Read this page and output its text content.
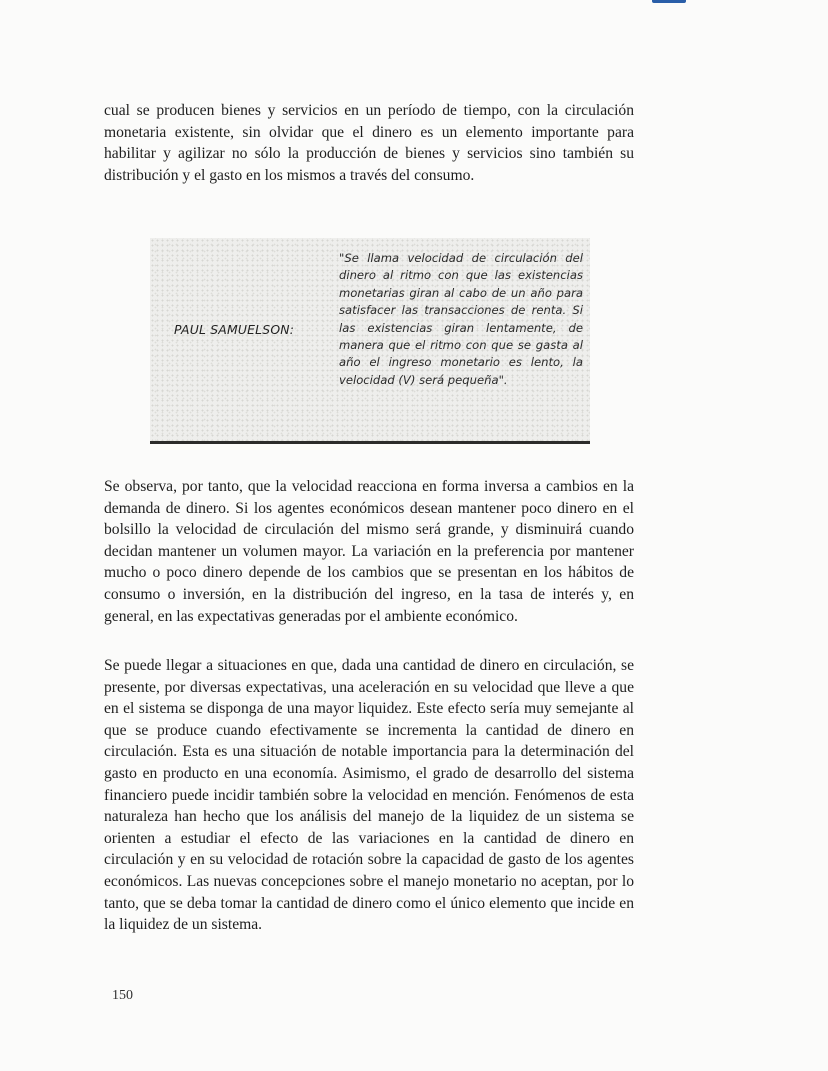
cual se producen bienes y servicios en un período de tiempo, con la circulación monetaria existente, sin olvidar que el dinero es un elemento importante para habilitar y agilizar no sólo la producción de bienes y servicios sino también su distribución y el gasto en los mismos a través del consumo.

PAUL SAMUELSON:

"Se llama velocidad de circulación del dinero al ritmo con que las existencias monetarias giran al cabo de un año para satisfacer las transacciones de renta. Si las existencias giran lentamente, de manera que el ritmo con que se gasta al año el ingreso monetario es lento, la velocidad (V) será pequeña".

Se observa, por tanto, que la velocidad reacciona en forma inversa a cambios en la demanda de dinero. Si los agentes económicos desean mantener poco dinero en el bolsillo la velocidad de circulación del mismo será grande, y disminuirá cuando decidan mantener un volumen mayor. La variación en la preferencia por mantener mucho o poco dinero depende de los cambios que se presentan en los hábitos de consumo o inversión, en la distribución del ingreso, en la tasa de interés y, en general, en las expectativas generadas por el ambiente económico.

Se puede llegar a situaciones en que, dada una cantidad de dinero en circulación, se presente, por diversas expectativas, una aceleración en su velocidad que lleve a que en el sistema se disponga de una mayor liquidez. Este efecto sería muy semejante al que se produce cuando efectivamente se incrementa la cantidad de dinero en circulación. Esta es una situación de notable importancia para la determinación del gasto en producto en una economía. Asimismo, el grado de desarrollo del sistema financiero puede incidir también sobre la velocidad en mención. Fenómenos de esta naturaleza han hecho que los análisis del manejo de la liquidez de un sistema se orienten a estudiar el efecto de las variaciones en la cantidad de dinero en circulación y en su velocidad de rotación sobre la capacidad de gasto de los agentes económicos. Las nuevas concepciones sobre el manejo monetario no aceptan, por lo tanto, que se deba tomar la cantidad de dinero como el único elemento que incide en la liquidez de un sistema.

150
